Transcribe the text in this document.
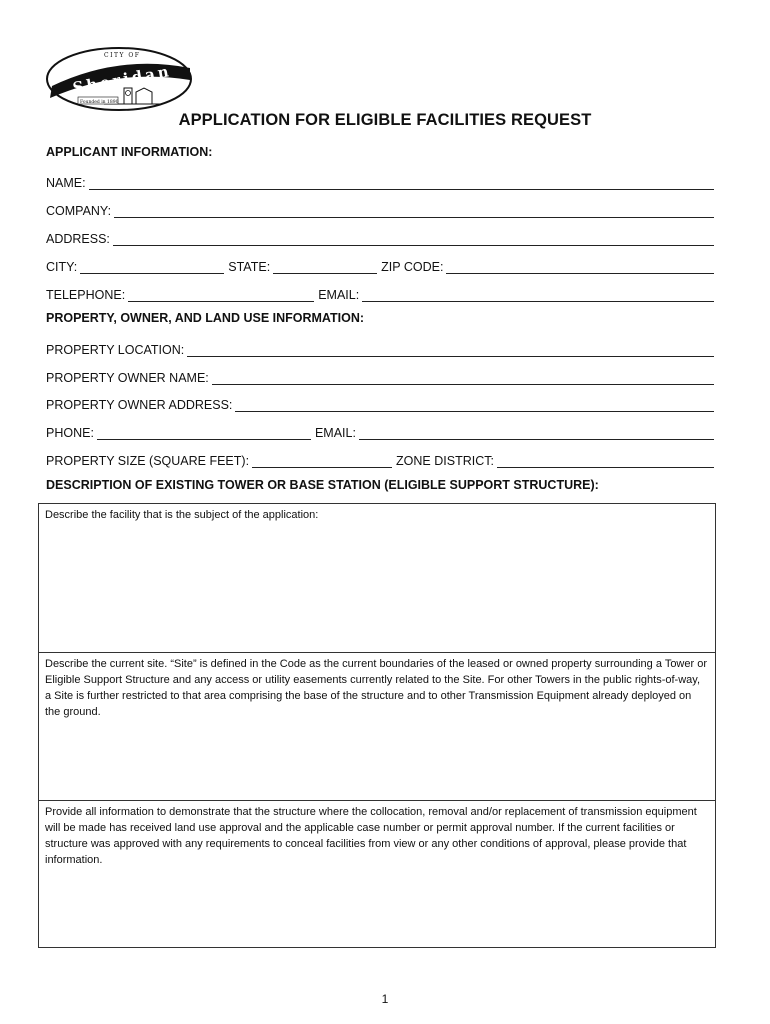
CITY OF
Sheridan
Founded in 1890
APPLICATION FOR ELIGIBLE FACILITIES REQUEST
APPLICANT INFORMATION:
NAME:
COMPANY:
ADDRESS:
CITY:	STATE:	ZIP CODE:
TELEPHONE:	EMAIL:
PROPERTY, OWNER, AND LAND USE INFORMATION:
PROPERTY LOCATION:
PROPERTY OWNER NAME:
PROPERTY OWNER ADDRESS:
PHONE:	EMAIL:
PROPERTY SIZE (SQUARE FEET):	ZONE DISTRICT:
DESCRIPTION OF EXISTING TOWER OR BASE STATION (ELIGIBLE SUPPORT STRUCTURE):
Describe the facility that is the subject of the application:
Describe the current site. “Site” is defined in the Code as the current boundaries of the leased or owned property surrounding a Tower or Eligible Support Structure and any access or utility easements currently related to the Site. For other Towers in the public rights-of-way, a Site is further restricted to that area comprising the base of the structure and to other Transmission Equipment already deployed on the ground.
Provide all information to demonstrate that the structure where the collocation, removal and/or replacement of transmission equipment will be made has received land use approval and the applicable case number or permit approval number. If the current facilities or structure was approved with any requirements to conceal facilities from view or any other conditions of approval, please provide that information.
1
